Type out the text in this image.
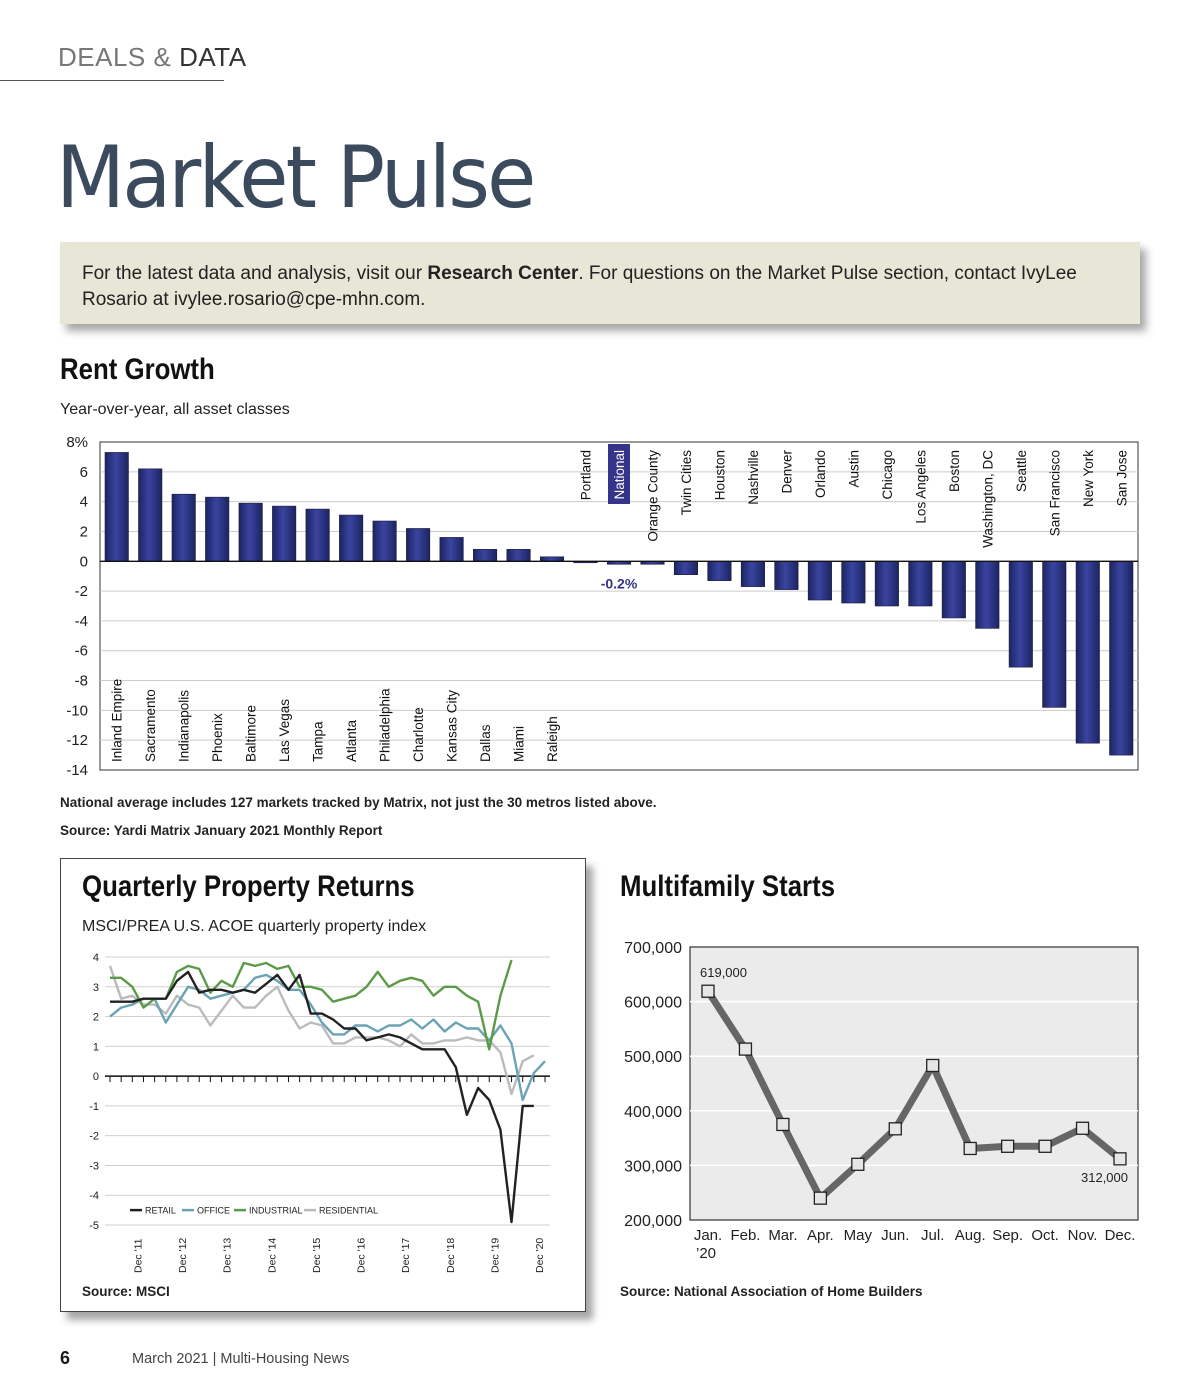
DEALS & DATA
Market Pulse
For the latest data and analysis, visit our Research Center. For questions on the Market Pulse section, contact IvyLee Rosario at ivylee.rosario@cpe-mhn.com.
Rent Growth
Year-over-year, all asset classes
8%
6
4
2
0
-2
-4
-6
-8
-10
-12
-14
Inland Empire Sacramento Indianapolis Phoenix Baltimore Las Vegas Tampa Atlanta Philadelphia Charlotte Kansas City Dallas Miami Raleigh
Portland National
-0.2%
Orange County Twin Cities Houston Nashville Denver Orlando Austin Chicago Los Angeles Boston Washington, DC Seattle San Francisco New York San Jose
National average includes 127 markets tracked by Matrix, not just the 30 metros listed above.
Source: Yardi Matrix January 2021 Monthly Report
Quarterly Property Returns
MSCI/PREA U.S. ACOE quarterly property index
4
3
2
1
0
-1
-2
-3
-4
-5
Dec '11	Dec '12	Dec '13	Dec '14	Dec '15	Dec '16	Dec '17	Dec '18	Dec '19	Dec '20
RETAIL OFFICE INDUSTRIAL RESIDENTIAL
Source: MSCI
Multifamily Starts
700,000
600,000
500,000
400,000
300,000
200,000
Jan. Feb. Mar. Apr. May Jun. Jul. Aug. Sep. Oct. Nov. Dec.
’20
619,000
312,000
Source: National Association of Home Builders
6	March 2021 | Multi-Housing News
